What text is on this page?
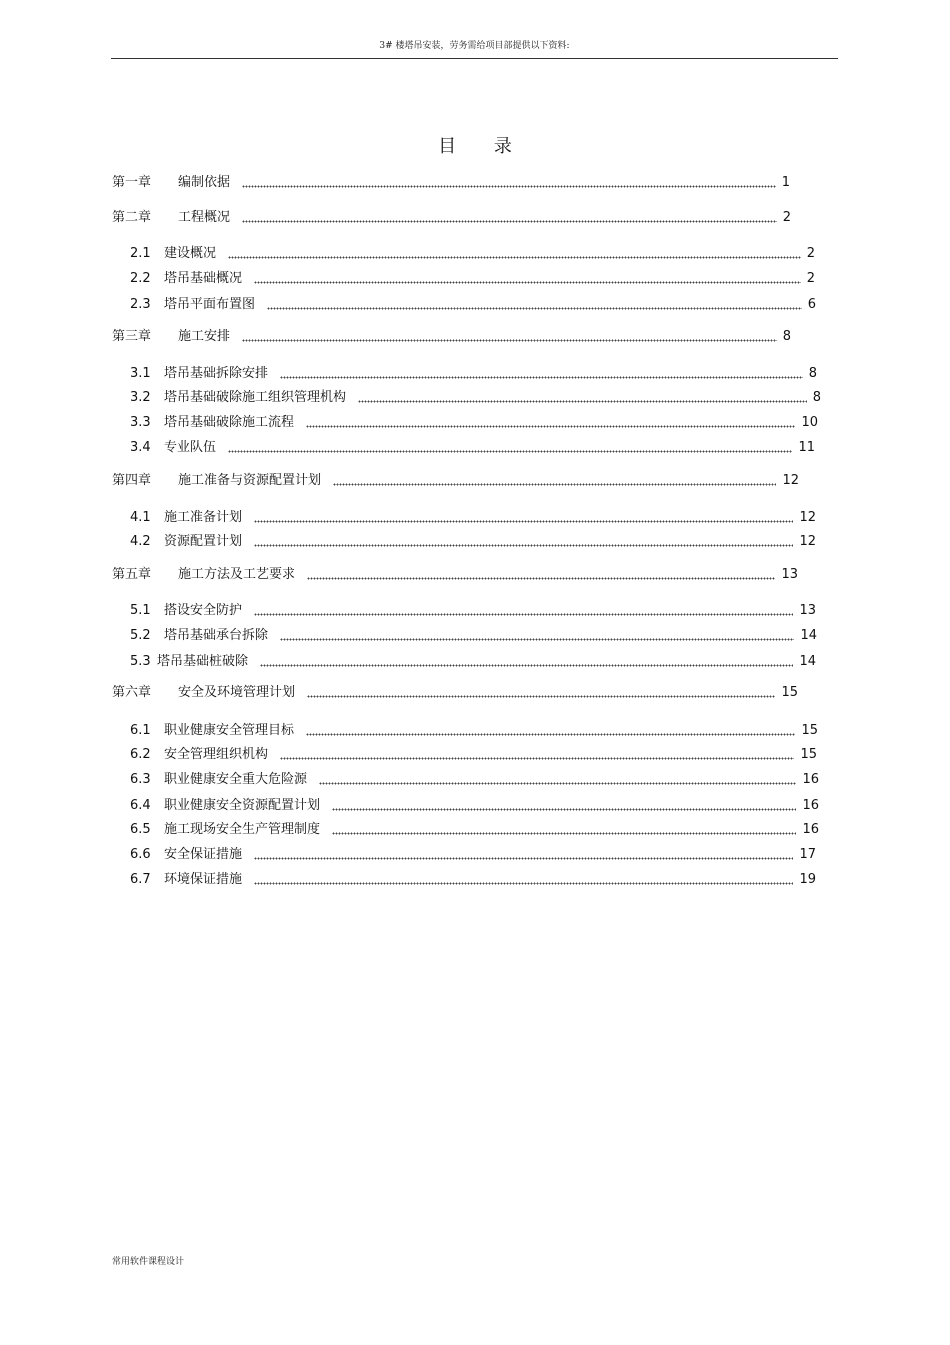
3# 楼塔吊安装，劳务需给项目部提供以下资料:
目 录
第一章	编制依据	1
第二章	工程概况	2
2.1	建设概况	2
2.2	塔吊基础概况	2
2.3	塔吊平面布置图	6
第三章	施工安排	8
3.1	塔吊基础拆除安排	8
3.2	塔吊基础破除施工组织管理机构	8
3.3	塔吊基础破除施工流程	10
3.4	专业队伍	11
第四章	施工准备与资源配置计划	12
4.1	施工准备计划	12
4.2	资源配置计划	12
第五章	施工方法及工艺要求	13
5.1	搭设安全防护	13
5.2	塔吊基础承台拆除	14
5.3 塔吊基础桩破除	14
第六章	安全及环境管理计划	15
6.1	职业健康安全管理目标	15
6.2	安全管理组织机构	15
6.3	职业健康安全重大危险源	16
6.4	职业健康安全资源配置计划	16
6.5	施工现场安全生产管理制度	16
6.6	安全保证措施	17
6.7	环境保证措施	19
常用软件课程设计
